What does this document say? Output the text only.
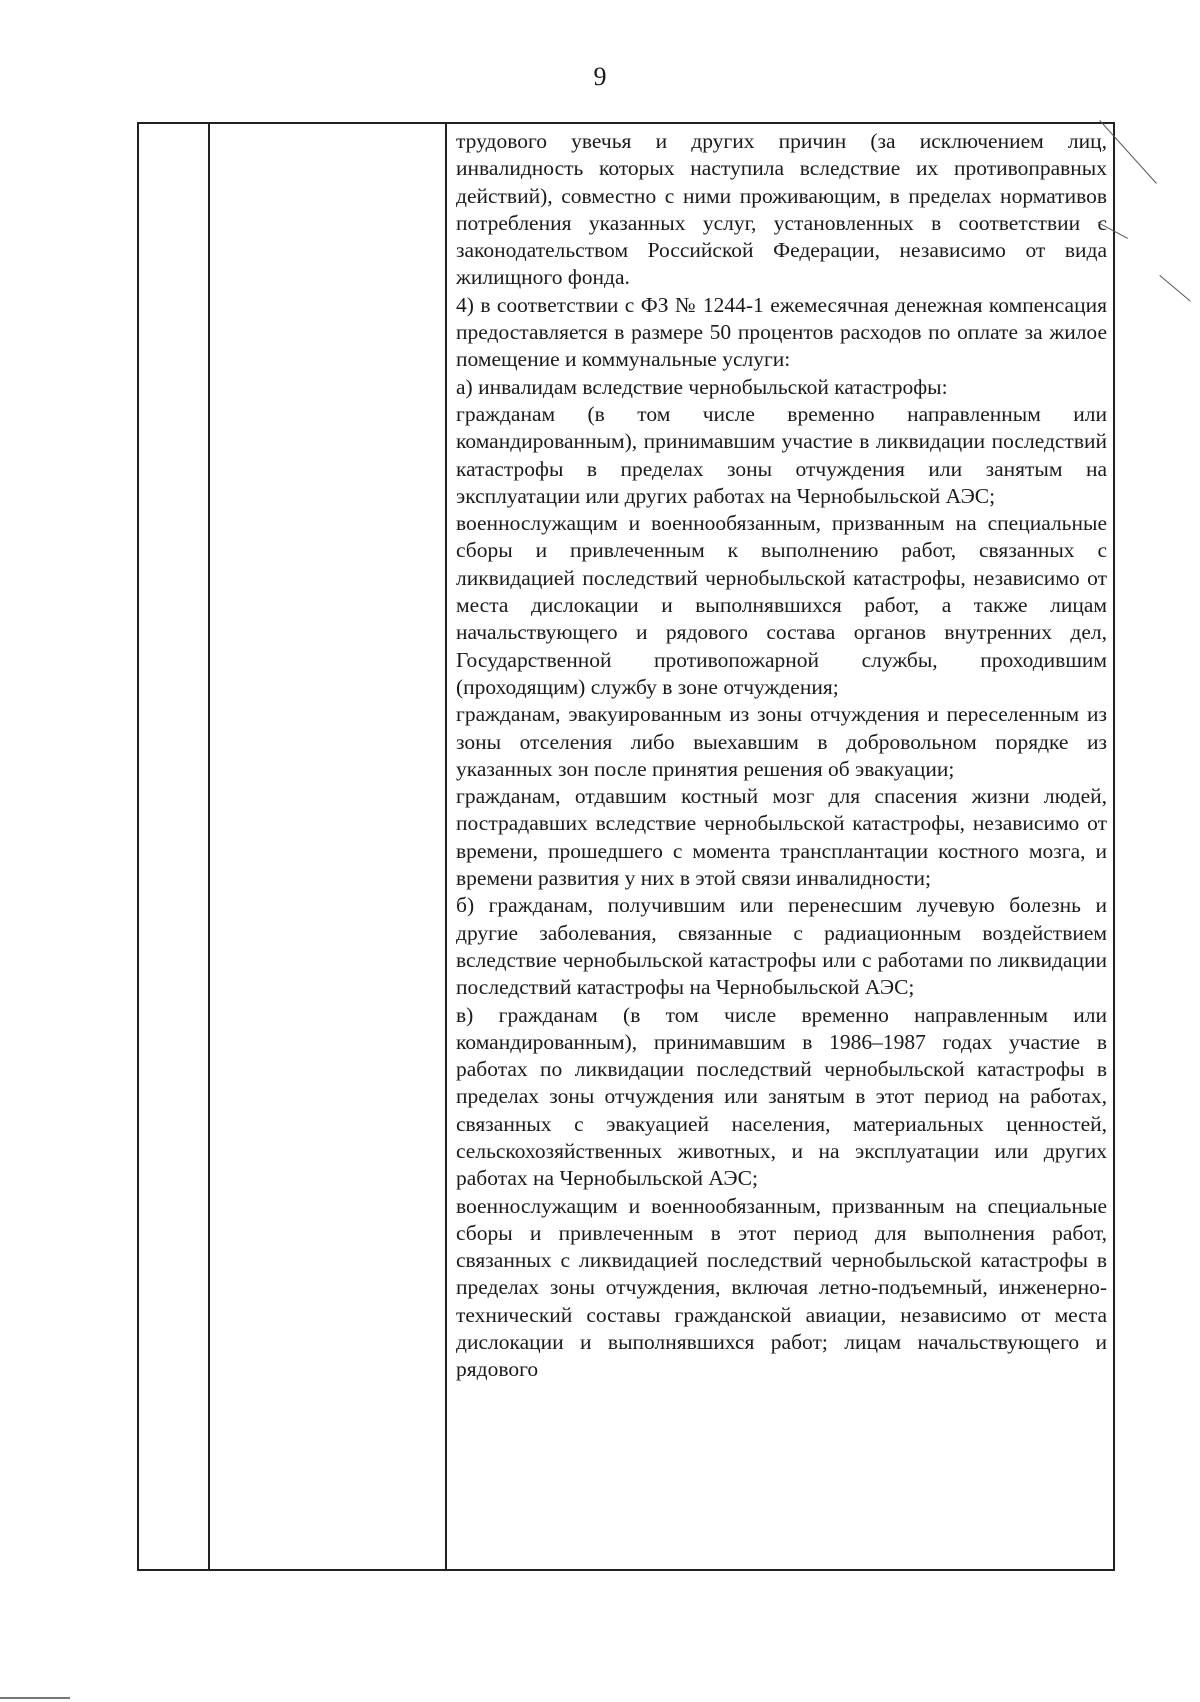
9

трудового увечья и других причин (за исключением лиц, инвалидность которых наступила вследствие их противоправных действий), совместно с ними проживающим, в пределах нормативов потребления указанных услуг, установленных в соответствии с законодательством Российской Федерации, независимо от вида жилищного фонда.

4) в соответствии с ФЗ № 1244-1 ежемесячная денежная компенсация предоставляется в размере 50 процентов расходов по оплате за жилое помещение и коммунальные услуги:

а) инвалидам вследствие чернобыльской катастрофы:

гражданам (в том числе временно направленным или командированным), принимавшим участие в ликвидации последствий катастрофы в пределах зоны отчуждения или занятым на эксплуатации или других работах на Чернобыльской АЭС;

военнослужащим и военнообязанным, призванным на специальные сборы и привлеченным к выполнению работ, связанных с ликвидацией последствий чернобыльской катастрофы, независимо от места дислокации и выполнявшихся работ, а также лицам начальствующего и рядового состава органов внутренних дел, Государственной противопожарной службы, проходившим (проходящим) службу в зоне отчуждения;

гражданам, эвакуированным из зоны отчуждения и переселенным из зоны отселения либо выехавшим в добровольном порядке из указанных зон после принятия решения об эвакуации;

гражданам, отдавшим костный мозг для спасения жизни людей, пострадавших вследствие чернобыльской катастрофы, независимо от времени, прошедшего с момента трансплантации костного мозга, и времени развития у них в этой связи инвалидности;

б) гражданам, получившим или перенесшим лучевую болезнь и другие заболевания, связанные с радиационным воздействием вследствие чернобыльской катастрофы или с работами по ликвидации последствий катастрофы на Чернобыльской АЭС;

в) гражданам (в том числе временно направленным или командированным), принимавшим в 1986–1987 годах участие в работах по ликвидации последствий чернобыльской катастрофы в пределах зоны отчуждения или занятым в этот период на работах, связанных с эвакуацией населения, материальных ценностей, сельскохозяйственных животных, и на эксплуатации или других работах на Чернобыльской АЭС;

военнослужащим и военнообязанным, призванным на специальные сборы и привлеченным в этот период для выполнения работ, связанных с ликвидацией последствий чернобыльской катастрофы в пределах зоны отчуждения, включая летно-подъемный, инженерно-технический составы гражданской авиации, независимо от места дислокации и выполнявшихся работ; лицам начальствующего и рядового
